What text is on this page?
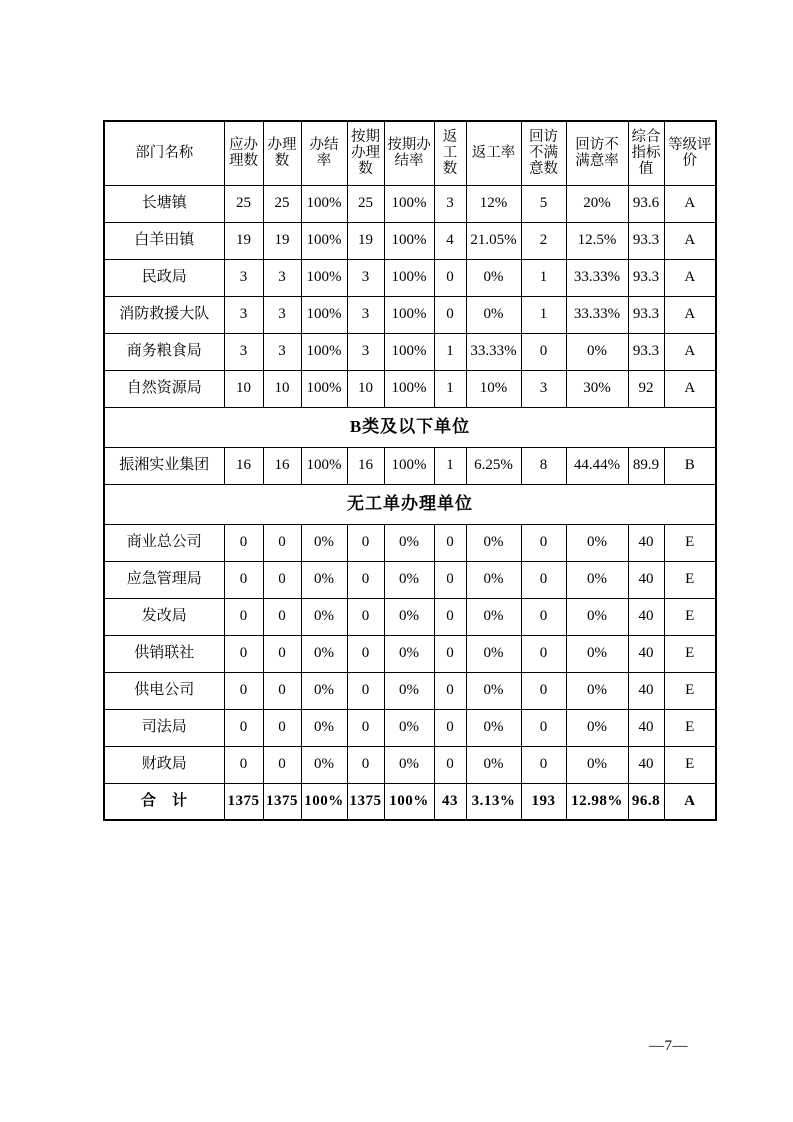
部门名称	应办理数	办理数	办结率	按期办理数	按期办结率	返工数	返工率	回访不满意数	回访不满意率	综合指标值	等级评价
长塘镇	25	25	100%	25	100%	3	12%	5	20%	93.6	A
白羊田镇	19	19	100%	19	100%	4	21.05%	2	12.5%	93.3	A
民政局	3	3	100%	3	100%	0	0%	1	33.33%	93.3	A
消防救援大队	3	3	100%	3	100%	0	0%	1	33.33%	93.3	A
商务粮食局	3	3	100%	3	100%	1	33.33%	0	0%	93.3	A
自然资源局	10	10	100%	10	100%	1	10%	3	30%	92	A
B类及以下单位											
振湘实业集团	16	16	100%	16	100%	1	6.25%	8	44.44%	89.9	B
无工单办理单位											
商业总公司	0	0	0%	0	0%	0	0%	0	0%	40	E
应急管理局	0	0	0%	0	0%	0	0%	0	0%	40	E
发改局	0	0	0%	0	0%	0	0%	0	0%	40	E
供销联社	0	0	0%	0	0%	0	0%	0	0%	40	E
供电公司	0	0	0%	0	0%	0	0%	0	0%	40	E
司法局	0	0	0%	0	0%	0	0%	0	0%	40	E
财政局	0	0	0%	0	0%	0	0%	0	0%	40	E
合　计	1375	1375	100%	1375	100%	43	3.13%	193	12.98%	96.8	A
—7—
